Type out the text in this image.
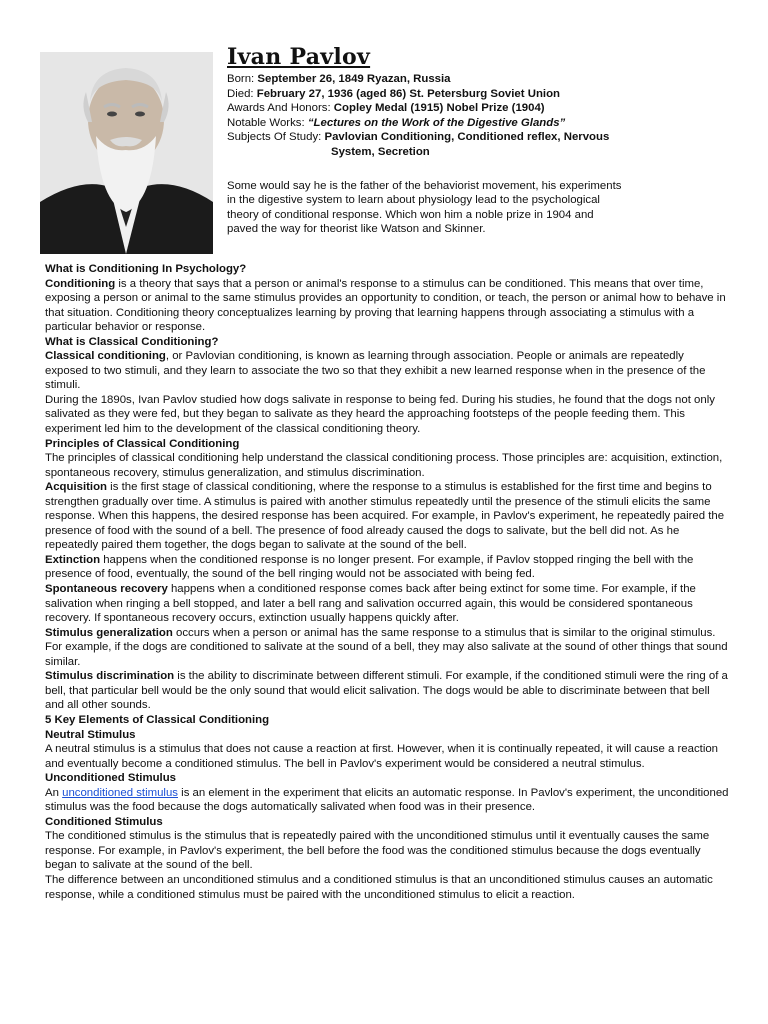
Ivan Pavlov
Born: September 26, 1849 Ryazan, Russia
Died: February 27, 1936 (aged 86) St. Petersburg Soviet Union
Awards And Honors: Copley Medal (1915) Nobel Prize (1904)
Notable Works: “Lectures on the Work of the Digestive Glands”
Subjects Of Study: Pavlovian Conditioning, Conditioned reflex, Nervous
System, Secretion
Some would say he is the father of the behaviorist movement, his experiments in the digestive system to learn about physiology lead to the psychological theory of conditional response. Which won him a noble prize in 1904 and paved the way for theorist like Watson and Skinner.

What is Conditioning In Psychology?

Conditioning is a theory that says that a person or animal's response to a stimulus can be conditioned. This means that over time, exposing a person or animal to the same stimulus provides an opportunity to condition, or teach, the person or animal how to behave in that situation. Conditioning theory conceptualizes learning by proving that learning happens through associating a stimulus with a particular behavior or response.

What is Classical Conditioning?

Classical conditioning, or Pavlovian conditioning, is known as learning through association. People or animals are repeatedly exposed to two stimuli, and they learn to associate the two so that they exhibit a new learned response when in the presence of the stimuli.

During the 1890s, Ivan Pavlov studied how dogs salivate in response to being fed. During his studies, he found that the dogs not only salivated as they were fed, but they began to salivate as they heard the approaching footsteps of the people feeding them. This experiment led him to the development of the classical conditioning theory.

Principles of Classical Conditioning

The principles of classical conditioning help understand the classical conditioning process. Those principles are: acquisition, extinction, spontaneous recovery, stimulus generalization, and stimulus discrimination.

Acquisition is the first stage of classical conditioning, where the response to a stimulus is established for the first time and begins to strengthen gradually over time. A stimulus is paired with another stimulus repeatedly until the presence of the stimuli elicits the same response. When this happens, the desired response has been acquired. For example, in Pavlov's experiment, he repeatedly paired the presence of food with the sound of a bell. The presence of food already caused the dogs to salivate, but the bell did not. As he repeatedly paired them together, the dogs began to salivate at the sound of the bell.

Extinction happens when the conditioned response is no longer present. For example, if Pavlov stopped ringing the bell with the presence of food, eventually, the sound of the bell ringing would not be associated with being fed.

Spontaneous recovery happens when a conditioned response comes back after being extinct for some time. For example, if the salivation when ringing a bell stopped, and later a bell rang and salivation occurred again, this would be considered spontaneous recovery. If spontaneous recovery occurs, extinction usually happens quickly after.

Stimulus generalization occurs when a person or animal has the same response to a stimulus that is similar to the original stimulus. For example, if the dogs are conditioned to salivate at the sound of a bell, they may also salivate at the sound of other things that sound similar.

Stimulus discrimination is the ability to discriminate between different stimuli. For example, if the conditioned stimuli were the ring of a bell, that particular bell would be the only sound that would elicit salivation. The dogs would be able to discriminate between that bell and all other sounds.

5 Key Elements of Classical Conditioning

Neutral Stimulus

A neutral stimulus is a stimulus that does not cause a reaction at first. However, when it is continually repeated, it will cause a reaction and eventually become a conditioned stimulus. The bell in Pavlov's experiment would be considered a neutral stimulus.

Unconditioned Stimulus

An unconditioned stimulus is an element in the experiment that elicits an automatic response. In Pavlov's experiment, the unconditioned stimulus was the food because the dogs automatically salivated when food was in their presence.

Conditioned Stimulus

The conditioned stimulus is the stimulus that is repeatedly paired with the unconditioned stimulus until it eventually causes the same response. For example, in Pavlov's experiment, the bell before the food was the conditioned stimulus because the dogs eventually began to salivate at the sound of the bell.

The difference between an unconditioned stimulus and a conditioned stimulus is that an unconditioned stimulus causes an automatic response, while a conditioned stimulus must be paired with the unconditioned stimulus to elicit a reaction.
